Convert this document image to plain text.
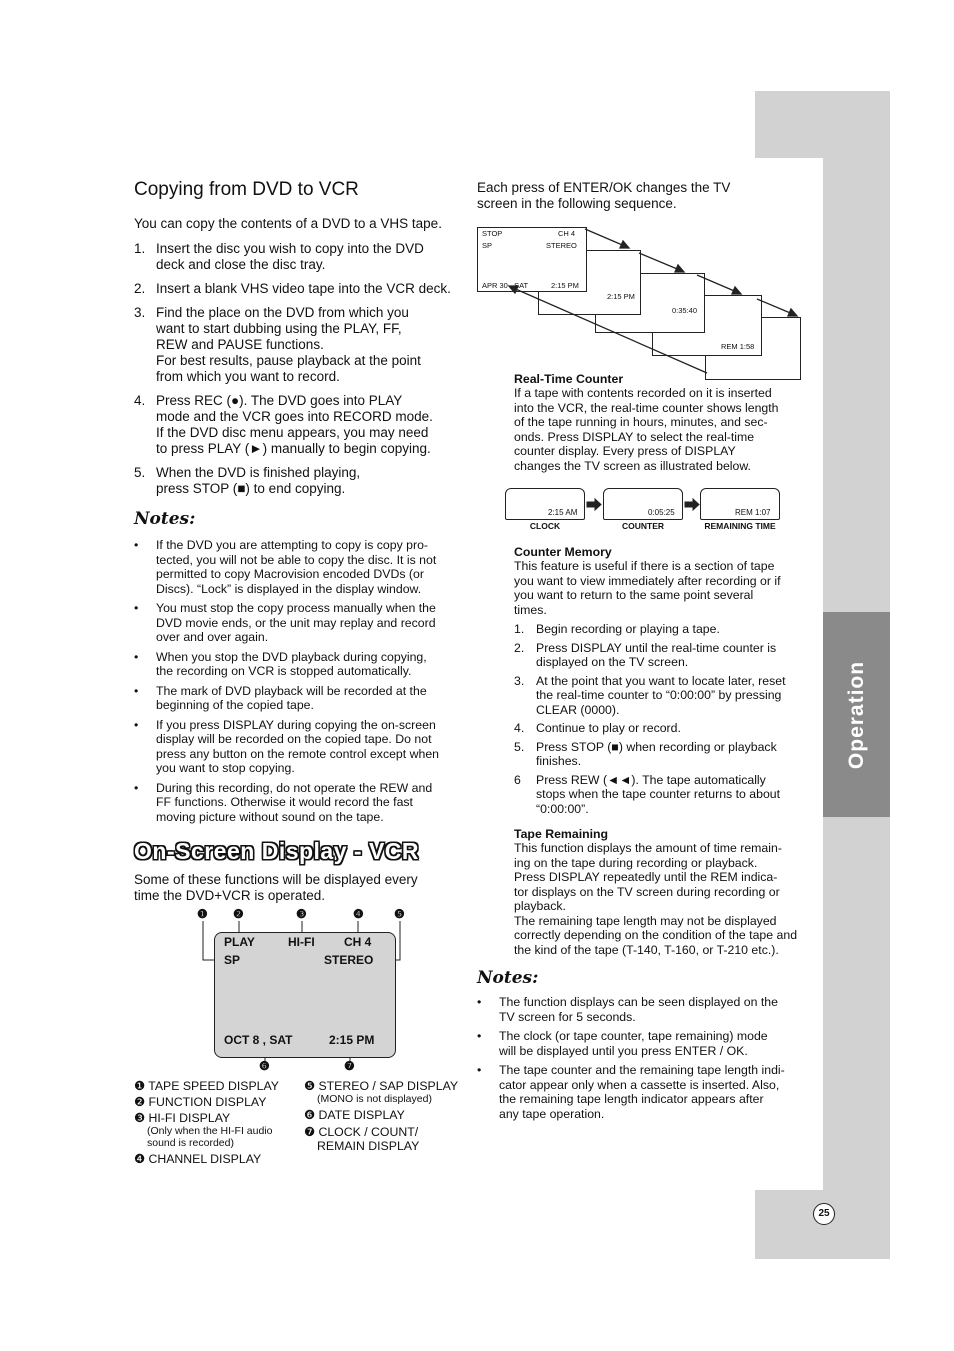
Operation
25
Copying from DVD to VCR
You can copy the contents of a DVD to a VHS tape.
1. Insert the disc you wish to copy into the DVD
deck and close the disc tray.
2. Insert a blank VHS video tape into the VCR deck.
3. Find the place on the DVD from which you
want to start dubbing using the PLAY, FF,
REW and PAUSE functions.
For best results, pause playback at the point
from which you want to record.
4. Press REC (●). The DVD goes into PLAY
mode and the VCR goes into RECORD mode.
If the DVD disc menu appears, you may need
to press PLAY (►) manually to begin copying.
5. When the DVD is finished playing,
press STOP (■) to end copying.
Notes:
• If the DVD you are attempting to copy is copy pro-
tected, you will not be able to copy the disc. It is not
permitted to copy Macrovision encoded DVDs (or
Discs). “Lock” is displayed in the display window.
• You must stop the copy process manually when the
DVD movie ends, or the unit may replay and record
over and over again.
• When you stop the DVD playback during copying,
the recording on VCR is stopped automatically.
• The mark of DVD playback will be recorded at the
beginning of the copied tape.
• If you press DISPLAY during copying the on-screen
display will be recorded on the copied tape. Do not
press any button on the remote control except when
you want to stop copying.
• During this recording, do not operate the REW and
FF functions. Otherwise it would record the fast
moving picture without sound on the tape.
On-Screen Display - VCR
Some of these functions will be displayed every
time the DVD+VCR is operated.
PLAY	HI-FI CH 4
SP	STEREO
OCT 8 , SAT	2:15 PM
❶ ❷	❸	❹	❺
❻	❼
❶ TAPE SPEED DISPLAY
❷ FUNCTION DISPLAY
❸ HI-FI DISPLAY
(Only when the HI-FI audio
sound is recorded)
❹ CHANNEL DISPLAY
❺ STEREO / SAP DISPLAY
(MONO is not displayed)
❻ DATE DISPLAY
❼ CLOCK / COUNT/
REMAIN DISPLAY
Each press of ENTER/OK changes the TV
screen in the following sequence.
STOP	CH 4
SP	STEREO
APR 30 , SAT	2:15 PM
2:15 PM
0:35:40
REM 1:58
Real-Time Counter
If a tape with contents recorded on it is inserted
into the VCR, the real-time counter shows length
of the tape running in hours, minutes, and sec-
onds. Press DISPLAY to select the real-time
counter display. Every press of DISPLAY
changes the TV screen as illustrated below.
2:15 AM	0:05:25	REM 1:07
CLOCK	COUNTER	REMAINING TIME
Counter Memory
This feature is useful if there is a section of tape
you want to view immediately after recording or if
you want to return to the same point several
times.
1. Begin recording or playing a tape.
2. Press DISPLAY until the real-time counter is
displayed on the TV screen.
3. At the point that you want to locate later, reset
the real-time counter to “0:00:00” by pressing
CLEAR (0000).
4. Continue to play or record.
5. Press STOP (■) when recording or playback
finishes.
6 Press REW (◄◄). The tape automatically
stops when the tape counter returns to about
“0:00:00”.
Tape Remaining
This function displays the amount of time remain-
ing on the tape during recording or playback.
Press DISPLAY repeatedly until the REM indica-
tor displays on the TV screen during recording or
playback.
The remaining tape length may not be displayed
correctly depending on the condition of the tape and
the kind of the tape (T-140, T-160, or T-210 etc.).
Notes:
• The function displays can be seen displayed on the
TV screen for 5 seconds.
• The clock (or tape counter, tape remaining) mode
will be displayed until you press ENTER / OK.
• The tape counter and the remaining tape length indi-
cator appear only when a cassette is inserted. Also,
the remaining tape length indicator appears after
any tape operation.
